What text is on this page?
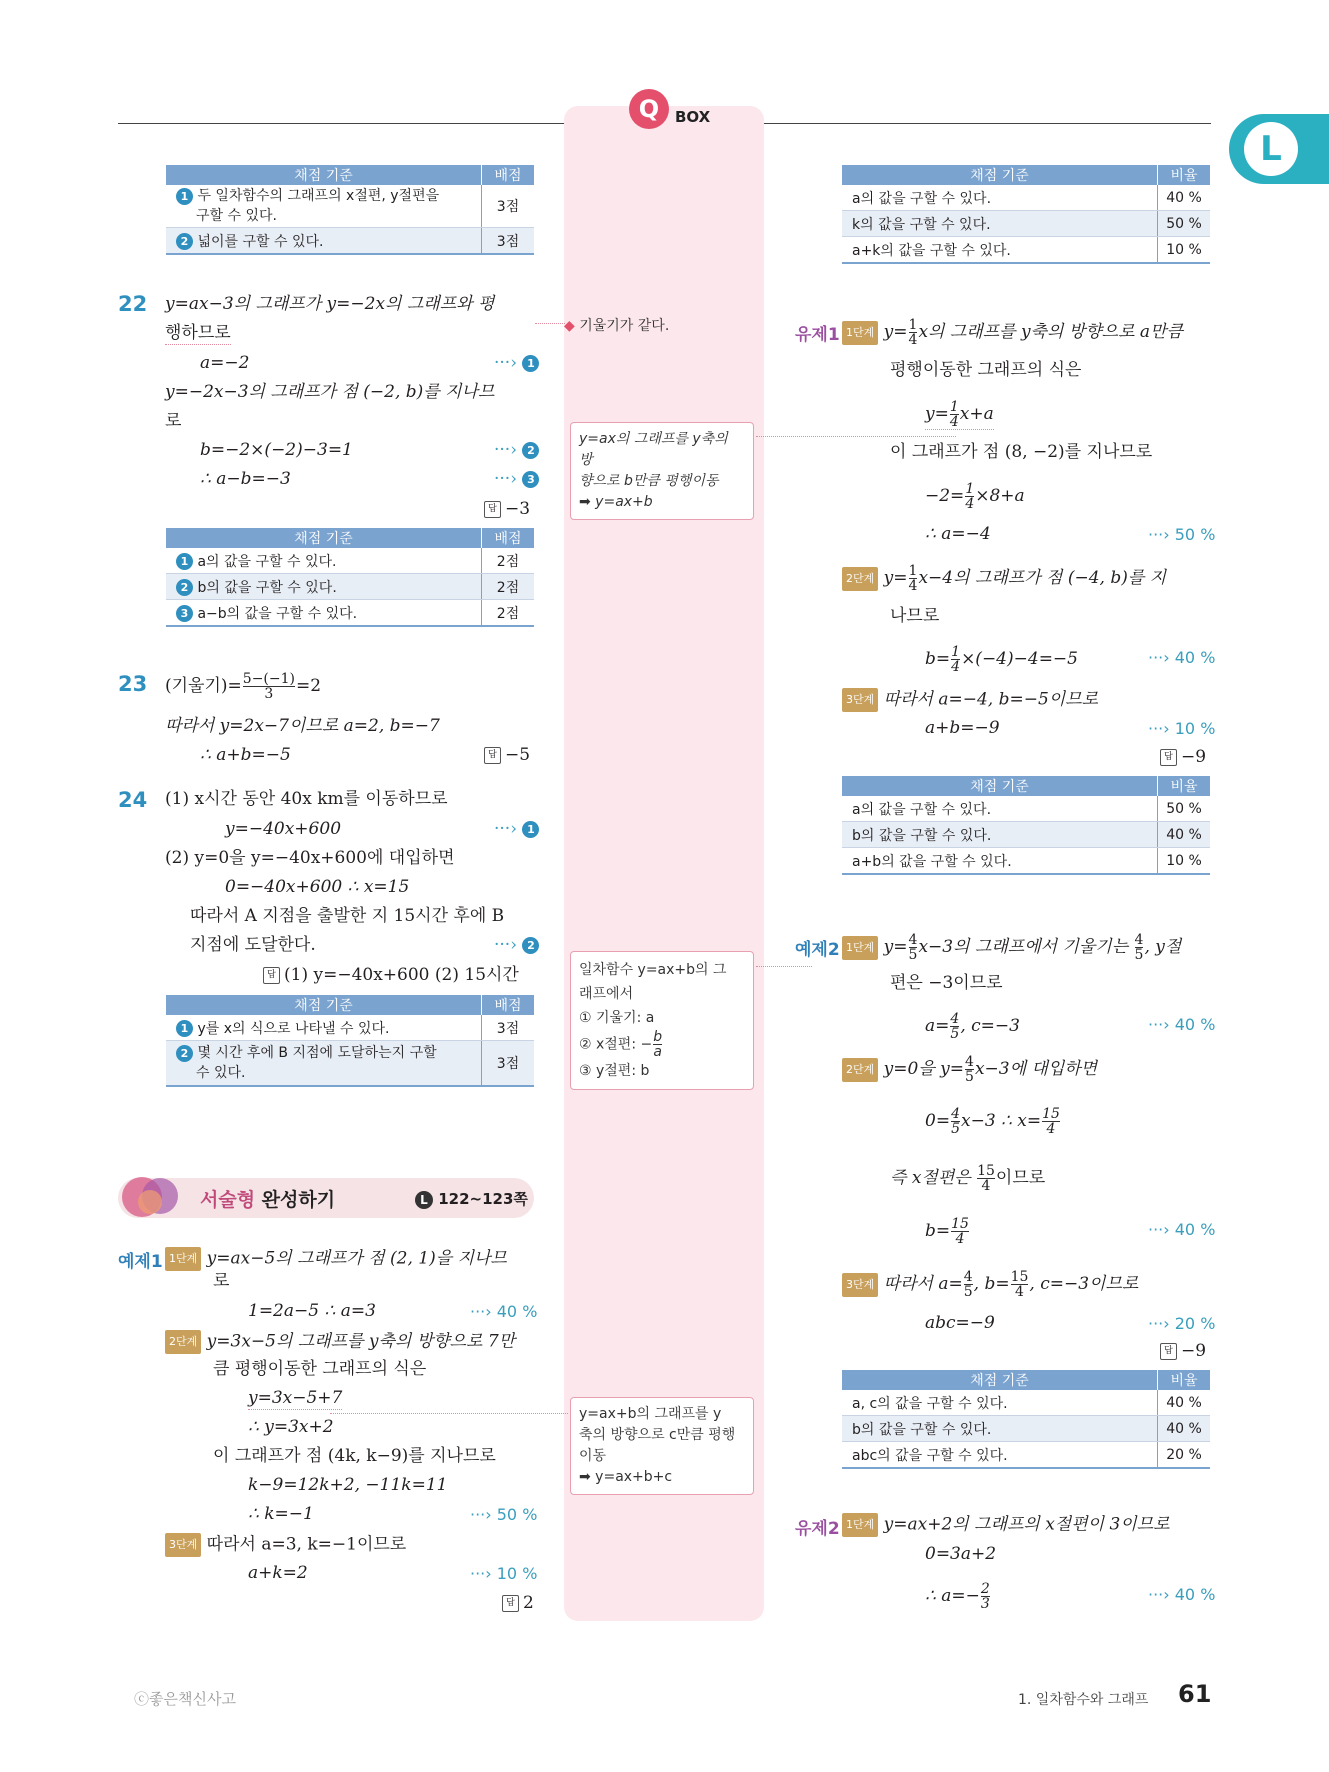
Q	BOX
L
채점 기준	배점
1 두 일차함수의 그래프의 x절편, y절편을
구할 수 있다.	3점
2 넓이를 구할 수 있다.	3점
22 y=ax−3의 그래프가 y=−2x의 그래프와 평
행하므로
a=−2	···› 1
y=−2x−3의 그래프가 점 (−2, b)를 지나므
로
b=−2×(−2)−3=1	···› 2
∴ a−b=−3	···› 3
답 −3
채점 기준	배점
1 a의 값을 구할 수 있다.	2점
2 b의 값을 구할 수 있다.	2점
3 a−b의 값을 구할 수 있다.	2점
23 (기울기)= $\frac{5-(-1)}{3} =2$
따라서 y=2x−7이므로 a=2, b=−7
∴ a+b=−5	답 −5
24 (1) x시간 동안 40x km를 이동하므로
y=−40x+600	···› 1
(2) y=0을 y=−40x+600에 대입하면
0=−40x+600 ∴ x=15
따라서 A 지점을 출발한 지 15시간 후에 B
지점에 도달한다.	···› 2
답 (1) y=−40x+600 (2) 15시간
채점 기준	배점
1 y를 x의 식으로 나타낼 수 있다.	3점
2 몇 시간 후에 B 지점에 도달하는지 구할
수 있다.	3점
서술형 완성하기	L 122~123쪽
예제1 1단계 y=ax−5의 그래프가 점 (2, 1)을 지나므
로
1=2a−5 ∴ a=3	···› 40 %
2단계 y=3x−5의 그래프를 y축의 방향으로 7만
큼 평행이동한 그래프의 식은
y=3x−5+7
∴ y=3x+2
이 그래프가 점 (4k, k−9)를 지나므로
k−9=12k+2, −11k=11
∴ k=−1	···› 50 %
3단계 따라서 a=3, k=−1이므로
a+k=2	···› 10 %
답 2
◆ 기울기가 같다.
y=ax의 그래프를 y축의 방
향으로 b만큼 평행이동
➡ y=ax+b
일차함수 y=ax+b의 그
래프에서
① 기울기: a
② x절편: − $\frac{b}{a}$
③ y절편: b
y=ax+b의 그래프를 y
축의 방향으로 c만큼 평행
이동
➡ y=ax+b+c
채점 기준	비율
a의 값을 구할 수 있다.	40 %
k의 값을 구할 수 있다.	50 %
a+k의 값을 구할 수 있다.	10 %
유제1 1단계 $y= \frac{1}{4}$ x의 그래프를 y축의 방향으로 a만큼
평행이동한 그래프의 식은
$y= \frac{1}{4} x+a$
이 그래프가 점 (8, −2)를 지나므로
$-2= \frac{1}{4} \times 8+a$
∴ a=−4	···› 50 %
2단계 $y= \frac{1}{4} x-4$의 그래프가 점 (−4, b)를 지
나므로
$b= \frac{1}{4} \times(-4)-4=-5$	···› 40 %
3단계 따라서 a=−4, b=−5이므로
a+b=−9	···› 10 %
답 −9
채점 기준	비율
a의 값을 구할 수 있다.	50 %
b의 값을 구할 수 있다.	40 %
a+b의 값을 구할 수 있다.	10 %
예제2 1단계 $y= \frac{4}{5} x-3$의 그래프에서 기울기는 $\frac{4}{5}$ , y절
편은 −3이므로
$a= \frac{4}{5}$ , c=−3	···› 40 %
2단계 y=0을 $y= \frac{4}{5} x-3$에 대입하면
$0= \frac{4}{5} x-3$ ∴ $x= \frac{15}{4}$
즉 x절편은 $\frac{15}{4}$ 이므로
$b= \frac{15}{4}$	···› 40 %
3단계 따라서 $a= \frac{4}{5}$ , $b= \frac{15}{4}$ , c=−3이므로
abc=−9	···› 20 %
답 −9
채점 기준	비율
a, c의 값을 구할 수 있다.	40 %
b의 값을 구할 수 있다.	40 %
abc의 값을 구할 수 있다.	20 %
유제2 1단계 y=ax+2의 그래프의 x절편이 3이므로
0=3a+2
∴ $a=- \frac{2}{3}$	···› 40 %
ⓒ좋은책신사고	1. 일차함수와 그래프 61
